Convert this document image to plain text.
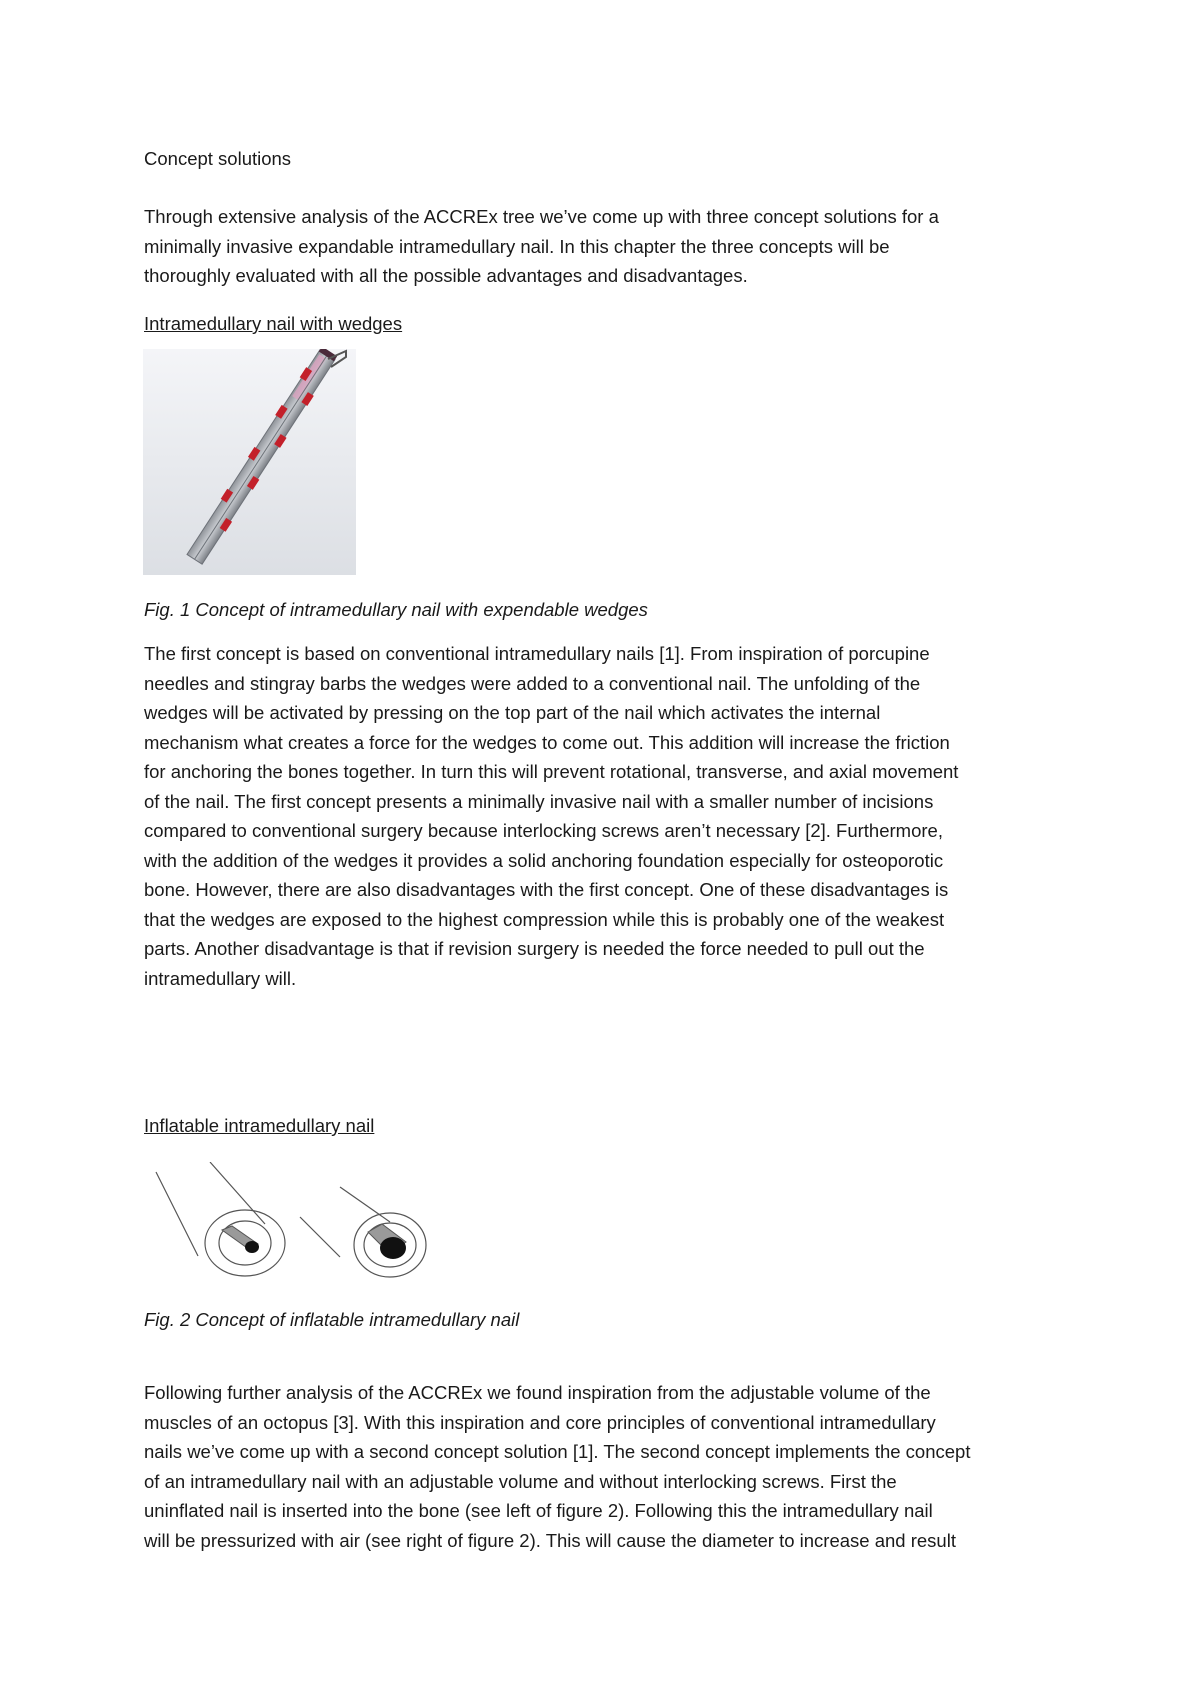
Concept solutions

Through extensive analysis of the ACCREx tree we’ve come up with three concept solutions for a

minimally invasive expandable intramedullary nail. In this chapter the three concepts will be

thoroughly evaluated with all the possible advantages and disadvantages.

Intramedullary nail with wedges
Fig. 1 Concept of intramedullary nail with expendable wedges

The first concept is based on conventional intramedullary nails [1]. From inspiration of porcupine

needles and stingray barbs the wedges were added to a conventional nail. The unfolding of the

wedges will be activated by pressing on the top part of the nail which activates the internal

mechanism what creates a force for the wedges to come out. This addition will increase the friction

for anchoring the bones together. In turn this will prevent rotational, transverse, and axial movement

of the nail. The first concept presents a minimally invasive nail with a smaller number of incisions

compared to conventional surgery because interlocking screws aren’t necessary [2]. Furthermore,

with the addition of the wedges it provides a solid anchoring foundation especially for osteoporotic

bone. However, there are also disadvantages with the first concept. One of these disadvantages is

that the wedges are exposed to the highest compression while this is probably one of the weakest

parts. Another disadvantage is that if revision surgery is needed the force needed to pull out the

intramedullary will.

Inflatable intramedullary nail
Fig. 2 Concept of inflatable intramedullary nail

Following further analysis of the ACCREx we found inspiration from the adjustable volume of the

muscles of an octopus [3]. With this inspiration and core principles of conventional intramedullary

nails we’ve come up with a second concept solution [1]. The second concept implements the concept

of an intramedullary nail with an adjustable volume and without interlocking screws. First the

uninflated nail is inserted into the bone (see left of figure 2). Following this the intramedullary nail

will be pressurized with air (see right of figure 2). This will cause the diameter to increase and result
